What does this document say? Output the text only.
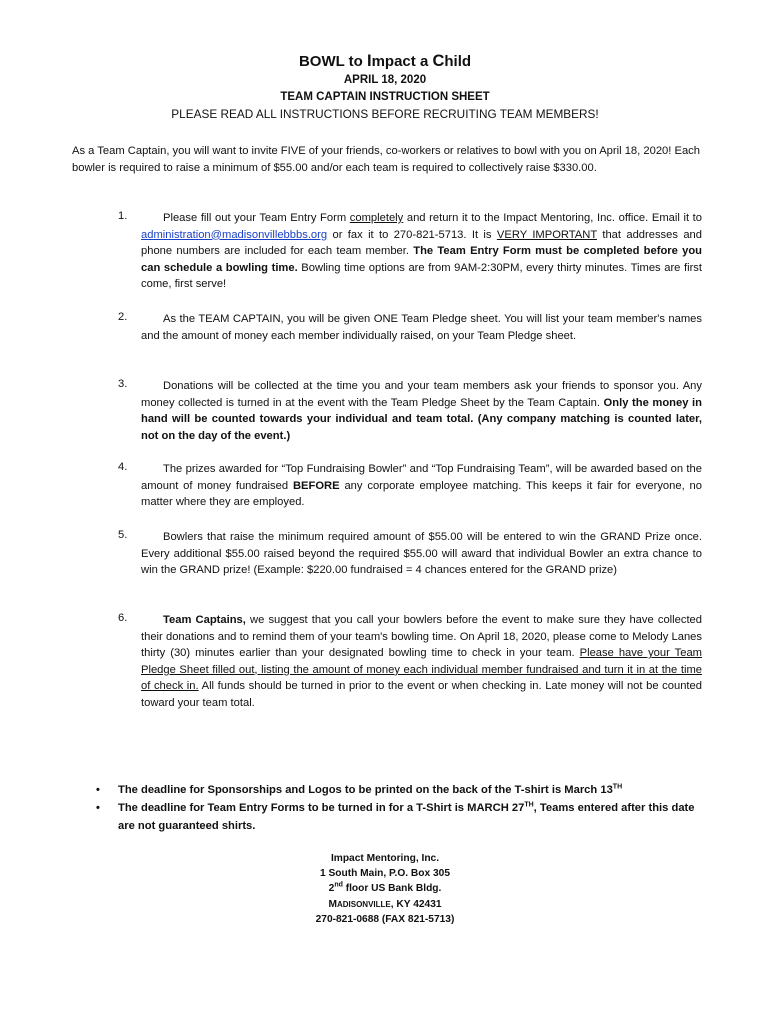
BOWL to Impact a Child
APRIL 18, 2020
TEAM CAPTAIN INSTRUCTION SHEET
PLEASE READ ALL INSTRUCTIONS BEFORE RECRUITING TEAM MEMBERS!

As a Team Captain, you will want to invite FIVE of your friends, co-workers or relatives to bowl with you on April 18, 2020! Each bowler is required to raise a minimum of $55.00 and/or each team is required to collectively raise $330.00.

1.	Please fill out your Team Entry Form completely and return it to the Impact Mentoring, Inc. office. Email it to administration@madisonvillebbbs.org or fax it to 270-821-5713. It is VERY IMPORTANT that addresses and phone numbers are included for each team member. The Team Entry Form must be completed before you can schedule a bowling time. Bowling time options are from 9AM-2:30PM, every thirty minutes. Times are first come, first serve!

2.	As the TEAM CAPTAIN, you will be given ONE Team Pledge sheet. You will list your team member's names and the amount of money each member individually raised, on your Team Pledge sheet.

3.	Donations will be collected at the time you and your team members ask your friends to sponsor you. Any money collected is turned in at the event with the Team Pledge Sheet by the Team Captain. Only the money in hand will be counted towards your individual and team total. (Any company matching is counted later, not on the day of the event.)

4.	The prizes awarded for “Top Fundraising Bowler” and “Top Fundraising Team”, will be awarded based on the amount of money fundraised BEFORE any corporate employee matching. This keeps it fair for everyone, no matter where they are employed.

5.	Bowlers that raise the minimum required amount of $55.00 will be entered to win the GRAND Prize once. Every additional $55.00 raised beyond the required $55.00 will award that individual Bowler an extra chance to win the GRAND prize! (Example: $220.00 fundraised = 4 chances entered for the GRAND prize)

6.	Team Captains, we suggest that you call your bowlers before the event to make sure they have collected their donations and to remind them of your team's bowling time. On April 18, 2020, please come to Melody Lanes thirty (30) minutes earlier than your designated bowling time to check in your team. Please have your Team Pledge Sheet filled out, listing the amount of money each individual member fundraised and turn it in at the time of check in. All funds should be turned in prior to the event or when checking in. Late money will not be counted toward your team total.

• The deadline for Sponsorships and Logos to be printed on the back of the T-shirt is March 13TH
• The deadline for Team Entry Forms to be turned in for a T-Shirt is MARCH 27TH, Teams entered after this date are not guaranteed shirts.
Impact Mentoring, Inc.
1 South Main, P.O. Box 305
2nd floor US Bank Bldg.
MADISONVILLE, KY 42431
270-821-0688 (FAX 821-5713)
